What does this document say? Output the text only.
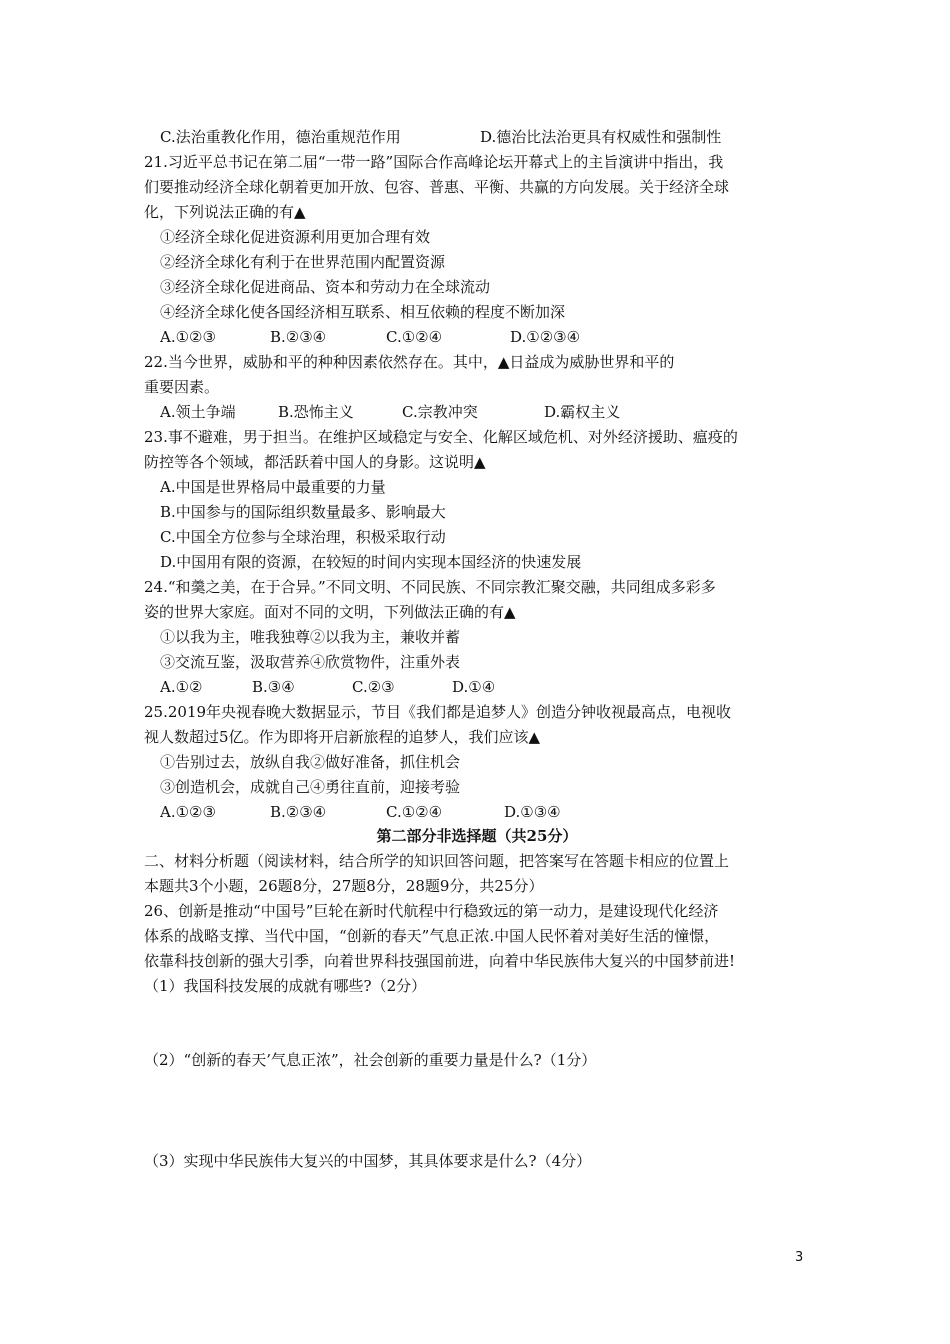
C.法治重教化作用，德治重规范作用	D.德治比法治更具有权威性和强制性
21.习近平总书记在第二届“一带一路”国际合作高峰论坛开幕式上的主旨演讲中指出，我
们要推动经济全球化朝着更加开放、包容、普惠、平衡、共赢的方向发展。关于经济全球
化，下列说法正确的有▲
①经济全球化促进资源利用更加合理有效
②经济全球化有利于在世界范围内配置资源
③经济全球化促进商品、资本和劳动力在全球流动
④经济全球化使各国经济相互联系、相互依赖的程度不断加深
A.①②③	B.②③④	C.①②④	D.①②③④
22.当今世界，威胁和平的种种因素依然存在。其中，▲日益成为威胁世界和平的
重要因素。
A.领土争端	B.恐怖主义	C.宗教冲突	D.霸权主义
23.事不避难，男于担当。在维护区域稳定与安全、化解区域危机、对外经济援助、瘟疫的
防控等各个领域，都活跃着中国人的身影。这说明▲
A.中国是世界格局中最重要的力量
B.中国参与的国际组织数量最多、影响最大
C.中国全方位参与全球治理，积极采取行动
D.中国用有限的资源，在较短的时间内实现本国经济的快速发展
24.“和羹之美，在于合异。”不同文明、不同民族、不同宗教汇聚交融，共同组成多彩多
姿的世界大家庭。面对不同的文明，下列做法正确的有▲
①以我为主，唯我独尊②以我为主，兼收并蓄
③交流互鉴，汲取营养④欣赏物件，注重外表
A.①②	B.③④	C.②③	D.①④
25.2019年央视春晚大数据显示，节目《我们都是追梦人》创造分钟收视最高点，电视收
视人数超过5亿。作为即将开启新旅程的追梦人，我们应该▲
①告别过去，放纵自我②做好准备，抓住机会
③创造机会，成就自己④勇往直前，迎接考验
A.①②③	B.②③④	C.①②④	D.①③④
第二部分非选择题（共25分）
二、材料分析题（阅读材料，结合所学的知识回答问题，把答案写在答题卡相应的位置上
本题共3个小题，26题8分，27题8分，28题9分，共25分）
26、创新是推动“中国号”巨轮在新时代航程中行稳致远的第一动力，是建设现代化经济
体系的战略支撑、当代中国，“创新的春天”气息正浓.中国人民怀着对美好生活的憧憬，
依靠科技创新的强大引季，向着世界科技强国前进，向着中华民族伟大复兴的中国梦前进!
（1）我国科技发展的成就有哪些?（2分）
（2）“创新的春天’气息正浓”，社会创新的重要力量是什么?（1分）
（3）实现中华民族伟大复兴的中国梦，其具体要求是什么?（4分）
3
